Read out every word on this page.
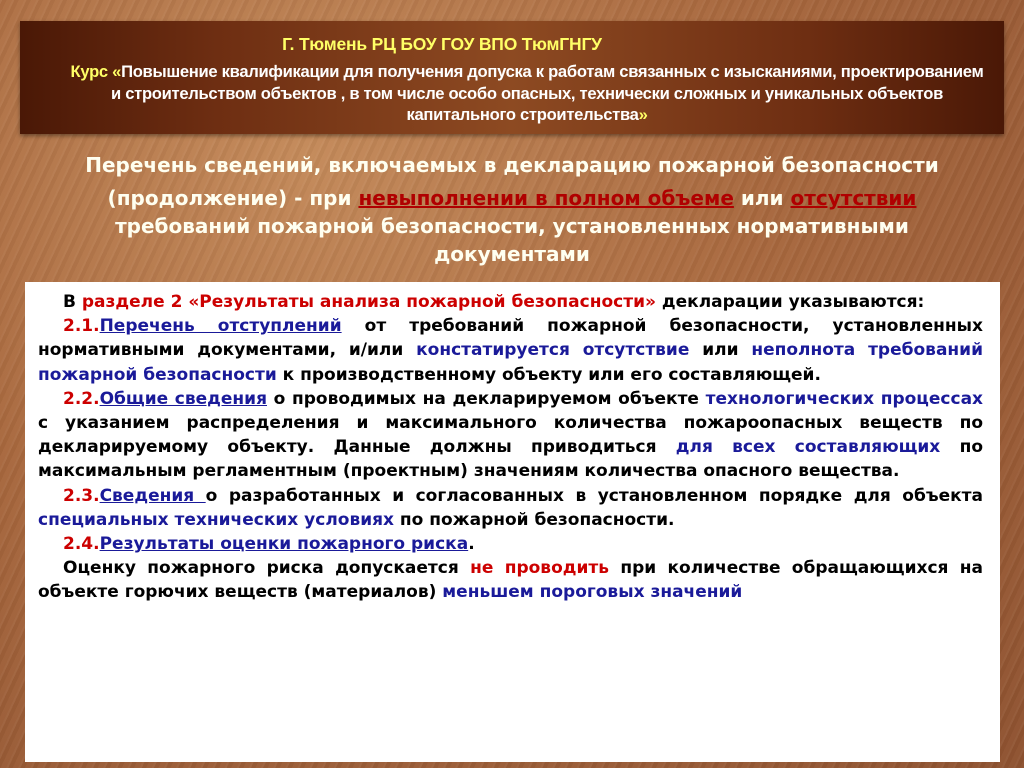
Г. Тюмень РЦ БОУ ГОУ ВПО ТюмГНГУ
Курс «Повышение квалификации для получения допуска к работам связанных с изысканиями, проектированием и строительством объектов , в том числе особо опасных, технически сложных и уникальных объектов капитального строительства»
Перечень сведений, включаемых в декларацию пожарной безопасности

(продолжение) - при невыполнении в полном объеме или отсутствии
требований пожарной безопасности, установленных нормативными документами

В разделе 2 «Результаты анализа пожарной безопасности» декларации указываются:

2.1.Перечень отступлений от требований пожарной безопасности, установленных нормативными документами, и/или констатируется отсутствие или неполнота требований пожарной безопасности к производственному объекту или его составляющей.

2.2.Общие сведения о проводимых на декларируемом объекте технологических процессах с указанием распределения и максимального количества пожароопасных веществ по декларируемому объекту. Данные должны приводиться для всех составляющих по максимальным регламентным (проектным) значениям количества опасного вещества.

2.3.Сведения о разработанных и согласованных в установленном порядке для объекта специальных технических условиях по пожарной безопасности.

2.4.Результаты оценки пожарного риска.

Оценку пожарного риска допускается не проводить при количестве обращающихся на объекте горючих веществ (материалов) меньшем пороговых значений
